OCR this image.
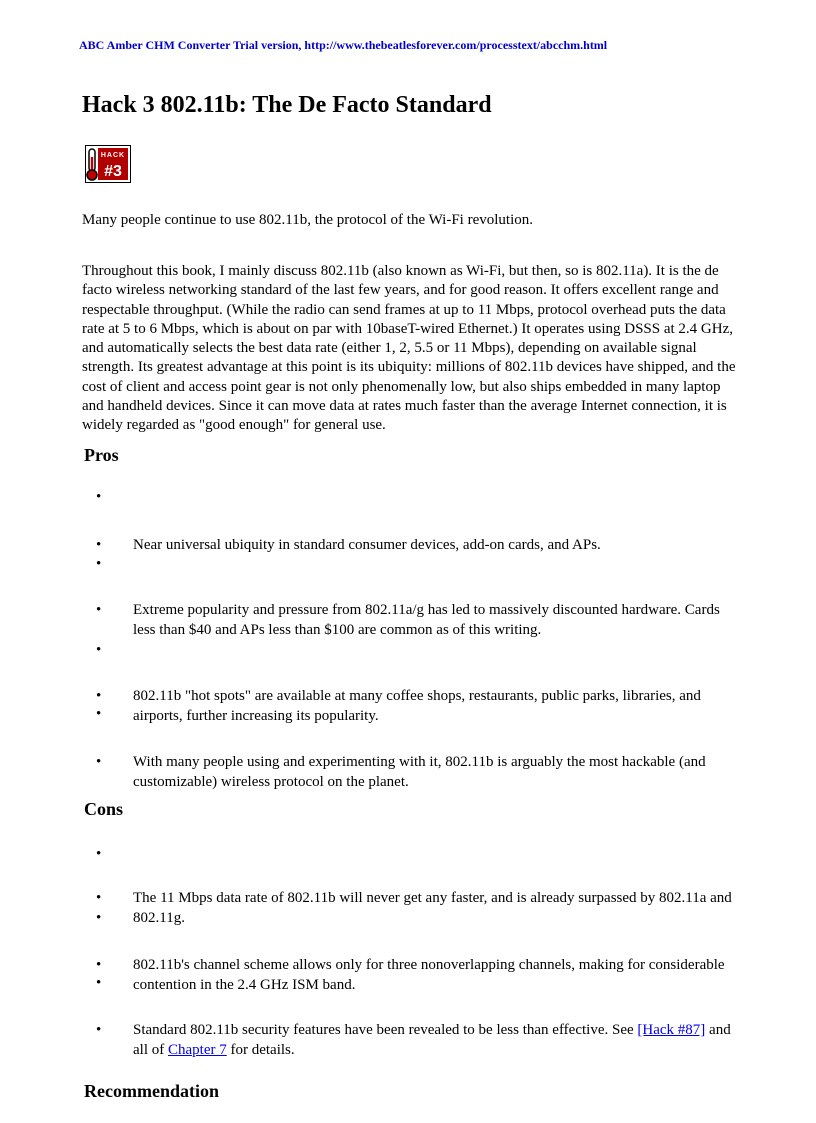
ABC Amber CHM Converter Trial version, http://www.thebeatlesforever.com/processtext/abcchm.html
Hack 3 802.11b: The De Facto Standard
HACK
#3

Many people continue to use 802.11b, the protocol of the Wi-Fi revolution.

Throughout this book, I mainly discuss 802.11b (also known as Wi-Fi, but then, so is 802.11a). It is the de facto wireless networking standard of the last few years, and for good reason. It offers excellent range and respectable throughput. (While the radio can send frames at up to 11 Mbps, protocol overhead puts the data rate at 5 to 6 Mbps, which is about on par with 10baseT-wired Ethernet.) It operates using DSSS at 2.4 GHz, and automatically selects the best data rate (either 1, 2, 5.5 or 11 Mbps), depending on available signal strength. Its greatest advantage at this point is its ubiquity: millions of 802.11b devices have shipped, and the cost of client and access point gear is not only phenomenally low, but also ships embedded in many laptop and handheld devices. Since it can move data at rates much faster than the average Internet connection, it is widely regarded as "good enough" for general use.

Pros
•
• Near universal ubiquity in standard consumer devices, add-on cards, and APs.
•
• Extreme popularity and pressure from 802.11a/g has led to massively discounted hardware. Cards less than $40 and APs less than $100 are common as of this writing.
•
• 802.11b "hot spots" are available at many coffee shops, restaurants, public parks, libraries, and airports, further increasing its popularity.
•
• With many people using and experimenting with it, 802.11b is arguably the most hackable (and customizable) wireless protocol on the planet.
Cons
•
• The 11 Mbps data rate of 802.11b will never get any faster, and is already surpassed by 802.11a and 802.11g.
•
• 802.11b's channel scheme allows only for three nonoverlapping channels, making for considerable contention in the 2.4 GHz ISM band.
•
• Standard 802.11b security features have been revealed to be less than effective. See [Hack #87] and all of Chapter 7 for details.
Recommendation
